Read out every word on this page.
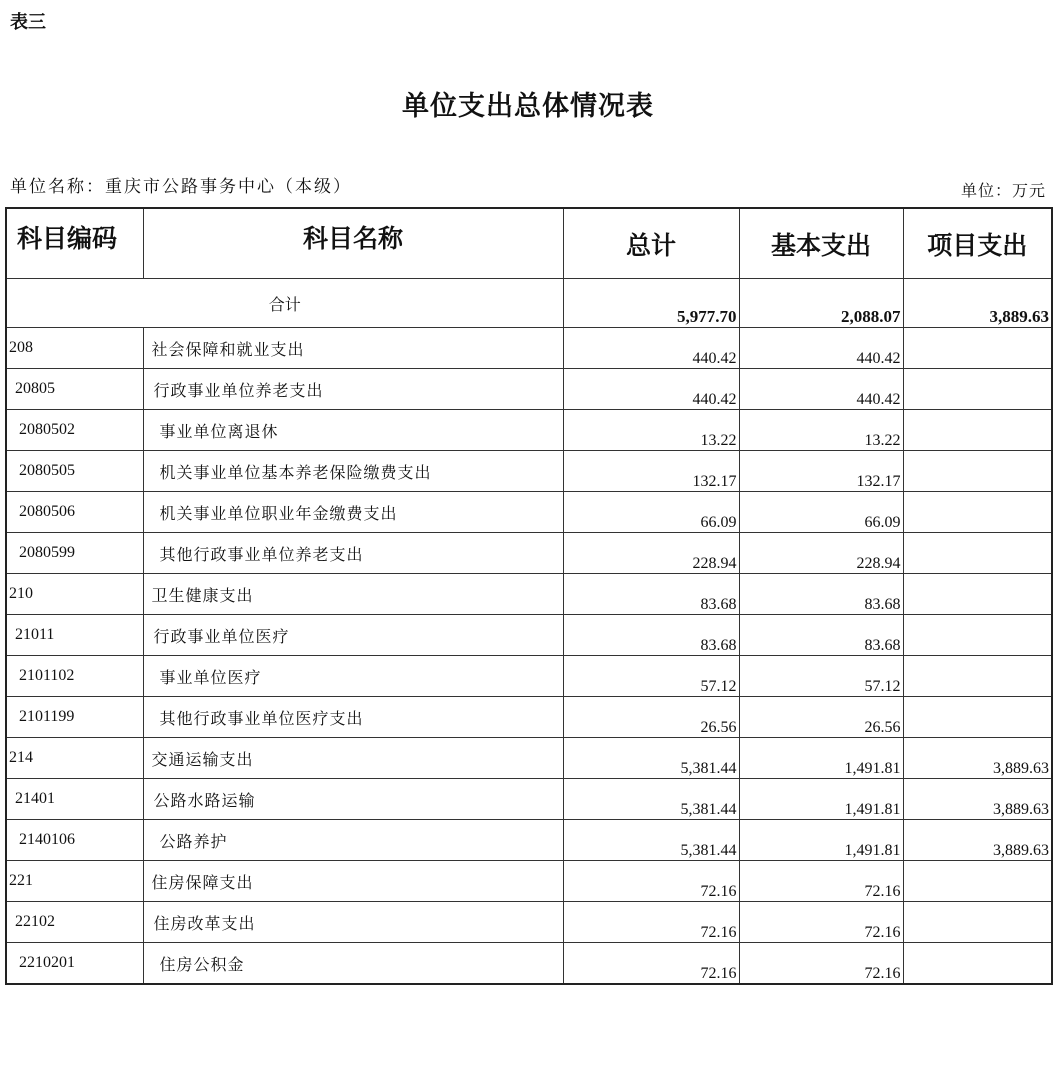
表三
单位支出总体情况表
单位名称：重庆市公路事务中心（本级）	单位：万元
科目编码	科目名称	总计	基本支出	项目支出
合计		5,977.70	2,088.07	3,889.63
208	社会保障和就业支出	440.42	440.42	
20805	行政事业单位养老支出	440.42	440.42	
2080502	事业单位离退休	13.22	13.22	
2080505	机关事业单位基本养老保险缴费支出	132.17	132.17	
2080506	机关事业单位职业年金缴费支出	66.09	66.09	
2080599	其他行政事业单位养老支出	228.94	228.94	
210	卫生健康支出	83.68	83.68	
21011	行政事业单位医疗	83.68	83.68	
2101102	事业单位医疗	57.12	57.12	
2101199	其他行政事业单位医疗支出	26.56	26.56	
214	交通运输支出	5,381.44	1,491.81	3,889.63
21401	公路水路运输	5,381.44	1,491.81	3,889.63
2140106	公路养护	5,381.44	1,491.81	3,889.63
221	住房保障支出	72.16	72.16	
22102	住房改革支出	72.16	72.16	
2210201	住房公积金	72.16	72.16	
